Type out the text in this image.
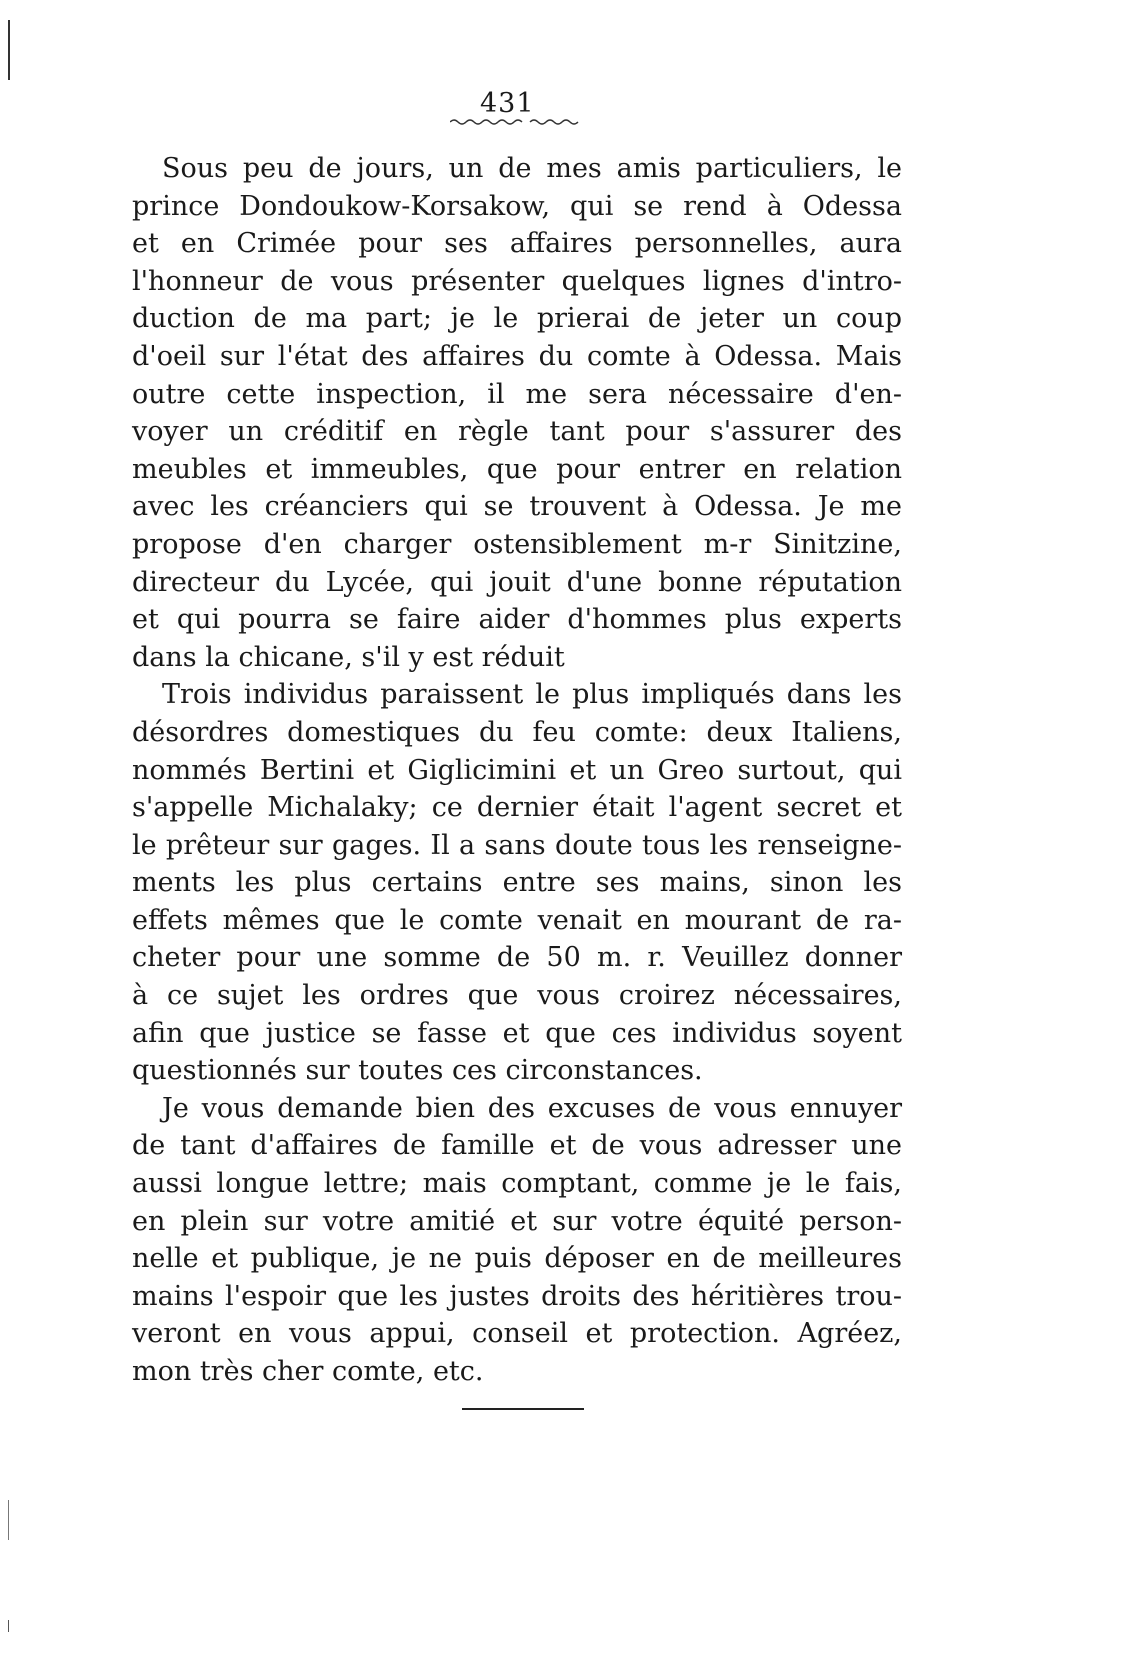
431

Sous peu de jours, un de mes amis particuliers, le
prince Dondoukow-Korsakow, qui se rend à Odessa
et en Crimée pour ses affaires personnelles, aura
l'honneur de vous présenter quelques lignes d'intro-
duction de ma part; je le prierai de jeter un coup
d'oeil sur l'état des affaires du comte à Odessa. Mais
outre cette inspection, il me sera nécessaire d'en-
voyer un créditif en règle tant pour s'assurer des
meubles et immeubles, que pour entrer en relation
avec les créanciers qui se trouvent à Odessa. Je me
propose d'en charger ostensiblement m-r Sinitzine,
directeur du Lycée, qui jouit d'une bonne réputation
et qui pourra se faire aider d'hommes plus experts
dans la chicane, s'il y est réduit

Trois individus paraissent le plus impliqués dans les
désordres domestiques du feu comte: deux Italiens,
nommés Bertini et Gigliciminі et un Greo surtout, qui
s'appelle Michalaky; ce dernier était l'agent secret et
le prêteur sur gages. Il a sans doute tous les renseigne-
ments les plus certains entre ses mains, sinon les
effets mêmes que le comte venait en mourant de ra-
cheter pour une somme de 50 m. r. Veuillez donner
à ce sujet les ordres que vous croirez nécessaires,
afin que justice se fasse et que ces individus soyent
questionnés sur toutes ces circonstances.

Je vous demande bien des excuses de vous ennuyer
de tant d'affaires de famille et de vous adresser une
aussi longue lettre; mais comptant, comme je le fais,
en plein sur votre amitié et sur votre équité person-
nelle et publique, je ne puis déposer en de meilleures
mains l'espoir que les justes droits des héritières trou-
veront en vous appui, conseil et protection. Agréez,
mon très cher comte, etc.
